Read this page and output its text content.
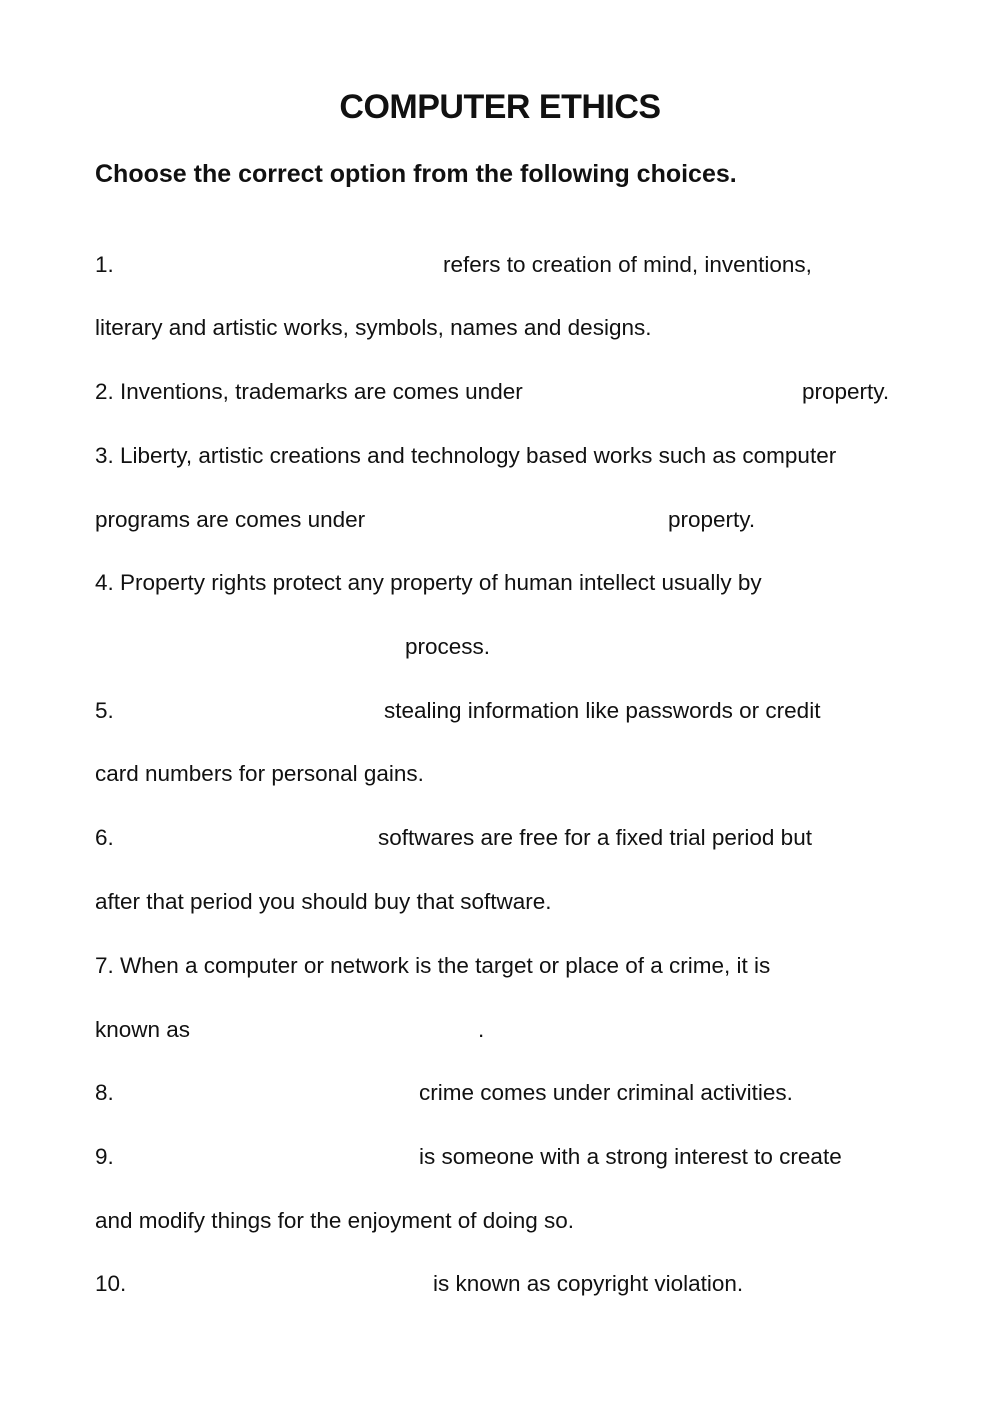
COMPUTER ETHICS
Choose the correct option from the following choices.
1.	refers to creation of mind, inventions,
literary and artistic works, symbols, names and designs.
2. Inventions, trademarks are comes under	property.
3. Liberty, artistic creations and technology based works such as computer
programs are comes under	property.
4. Property rights protect any property of human intellect usually by
process.
5.	stealing information like passwords or credit
card numbers for personal gains.
6.	softwares are free for a fixed trial period but
after that period you should buy that software.
7. When a computer or network is the target or place of a crime, it is
known as	.
8.	crime comes under criminal activities.
9.	is someone with a strong interest to create
and modify things for the enjoyment of doing so.
10.	is known as copyright violation.
